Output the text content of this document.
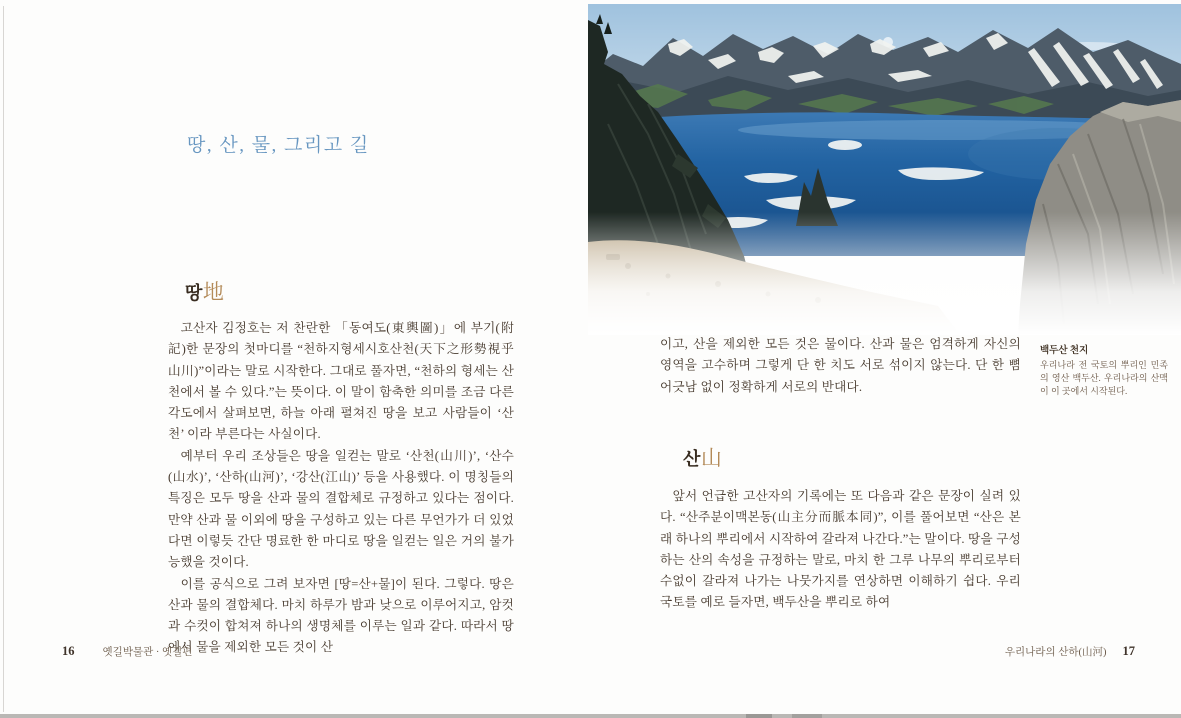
땅, 산, 물, 그리고 길
땅地

고산자 김정호는 저 찬란한 「동여도(東輿圖)」에 부기(附記)한 문장의 첫마디를 “천하지형세시호산천(天下之形勢視乎山川)”이라는 말로 시작한다. 그대로 풀자면, “천하의 형세는 산천에서 볼 수 있다.”는 뜻이다. 이 말이 함축한 의미를 조금 다른 각도에서 살펴보면, 하늘 아래 펼쳐진 땅을 보고 사람들이 ‘산천’ 이라 부른다는 사실이다.

예부터 우리 조상들은 땅을 일컫는 말로 ‘산천(山川)’, ‘산수(山水)’, ‘산하(山河)’, ‘강산(江山)’ 등을 사용했다. 이 명칭들의 특징은 모두 땅을 산과 물의 결합체로 규정하고 있다는 점이다. 만약 산과 물 이외에 땅을 구성하고 있는 다른 무언가가 더 있었다면 이렇듯 간단 명료한 한 마디로 땅을 일컫는 일은 거의 불가능했을 것이다.

이를 공식으로 그려 보자면 [땅=산+물]이 된다. 그렇다. 땅은 산과 물의 결합체다. 마치 하루가 밤과 낮으로 이루어지고, 암컷과 수컷이 합쳐져 하나의 생명체를 이루는 일과 같다. 따라서 땅에서 물을 제외한 모든 것이 산

16	옛길박물관 · 옛길편

이고, 산을 제외한 모든 것은 물이다. 산과 물은 엄격하게 자신의 영역을 고수하며 그렇게 단 한 치도 서로 섞이지 않는다. 단 한 뼘 어긋남 없이 정확하게 서로의 반대다.

산山

앞서 언급한 고산자의 기록에는 또 다음과 같은 문장이 실려 있다. “산주분이맥본동(山主分而脈本同)”, 이를 풀어보면 “산은 본래 하나의 뿌리에서 시작하여 갈라져 나간다.”는 말이다. 땅을 구성하는 산의 속성을 규정하는 말로, 마치 한 그루 나무의 뿌리로부터 수없이 갈라져 나가는 나뭇가지를 연상하면 이해하기 쉽다. 우리 국토를 예로 들자면, 백두산을 뿌리로 하여

백두산 천지

우리나라 전 국토의 뿌리인 민족의 영산 백두산. 우리나라의 산맥이 이 곳에서 시작된다.

우리나라의 산하(山河) 17
